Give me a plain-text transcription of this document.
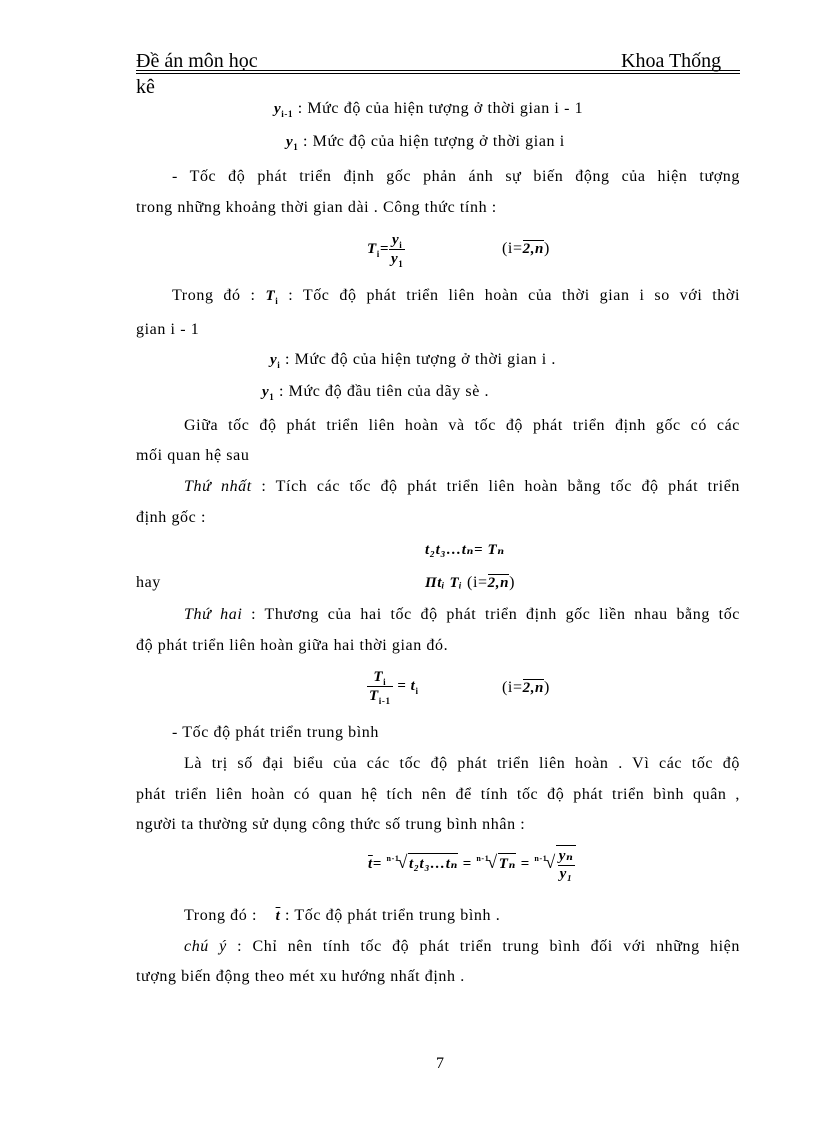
Đề án môn học	Khoa Thống
kê
$y_{i-1}$ : Mức độ của hiện tượng ở thời gian i - 1
$y_1$ : Mức độ của hiện tượng ở thời gian i
- Tốc độ phát triển định gốc phản ánh sự biến động của hiện tượng
trong những khoảng thời gian dài . Công thức tính :
$T_i= \frac{y_i}{y_1}$	(i=2,n)
Trong đó : $T_i$ : Tốc độ phát triển liên hoàn của thời gian i so với thời
gian i - 1
$y_i$ : Mức độ của hiện tượng ở thời gian i .
$y_1$ : Mức độ đầu tiên của dãy sè .
Giữa tốc độ phát triển liên hoàn và tốc độ phát triển định gốc có các
mối quan hệ sau
Thứ nhất : Tích các tốc độ phát triển liên hoàn bằng tốc độ phát triển
định gốc :
t₂t₃…tₙ= Tₙ
hay	Πtᵢ Tᵢ (i=2,n)
Thứ hai : Thương của hai tốc độ phát triển định gốc liền nhau bằng tốc
độ phát triển liên hoàn giữa hai thời gian đó.
$\frac{T_i}{T_{i-1}} = t_i$	(i=2,n)
- Tốc độ phát triển trung bình
Là trị số đại biểu của các tốc độ phát triển liên hoàn . Vì các tốc độ
phát triển liên hoàn có quan hệ tích nên để tính tốc độ phát triển bình quân ,
người ta thường sử dụng công thức số trung bình nhân :
$\overline{t}=$ $^{n-1}$√t₂t₃…tₙ = $^{n-1}√T_n = ^{n-1}√ \frac{\text{yₙ}}{\text{y₁}}$
Trong đó : $\overline{t}$ : Tốc độ phát triển trung bình .
chú ý : Chỉ nên tính tốc độ phát triển trung bình đối với những hiện
tượng biến động theo mét xu hướng nhất định .
7
